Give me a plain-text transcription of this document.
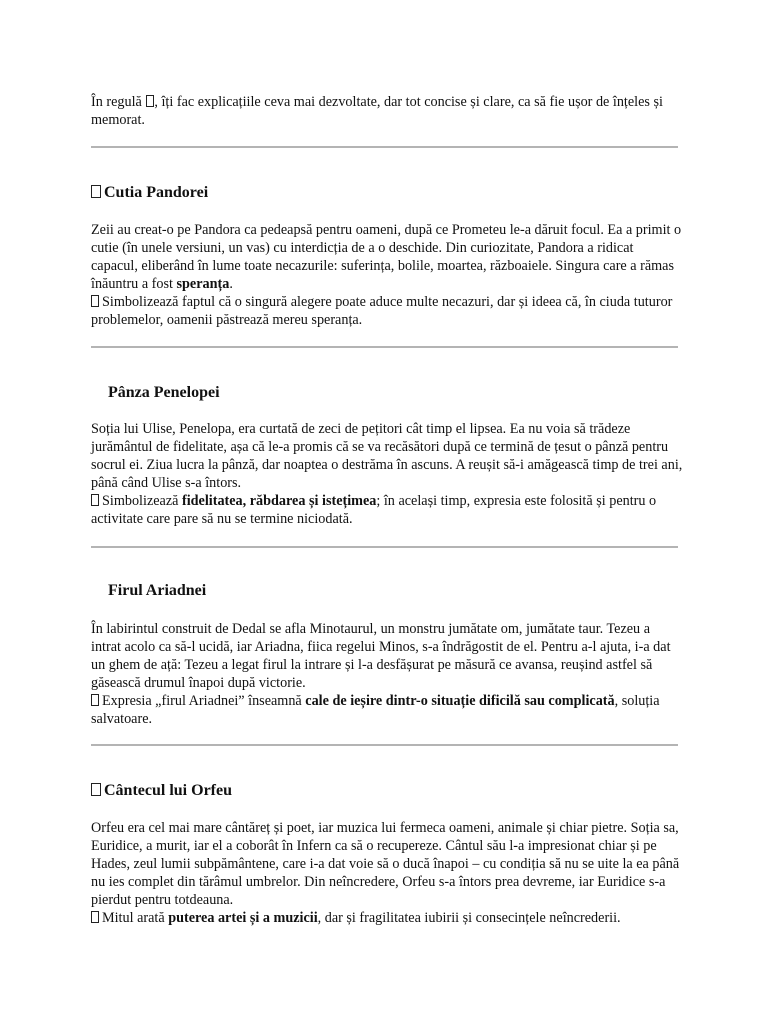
În regulă , îți fac explicațiile ceva mai dezvoltate, dar tot concise și clare, ca să fie ușor de înțeles și memorat.

Cutia Pandorei

Zeii au creat-o pe Pandora ca pedeapsă pentru oameni, după ce Prometeu le-a dăruit focul. Ea a primit o cutie (în unele versiuni, un vas) cu interdicția de a o deschide. Din curiozitate, Pandora a ridicat capacul, eliberând în lume toate necazurile: suferința, bolile, moartea, războaiele. Singura care a rămas înăuntru a fost speranța.

Simbolizează faptul că o singură alegere poate aduce multe necazuri, dar și ideea că, în ciuda tuturor problemelor, oamenii păstrează mereu speranța.

Pânza Penelopei

Soția lui Ulise, Penelopa, era curtată de zeci de pețitori cât timp el lipsea. Ea nu voia să trădeze jurământul de fidelitate, așa că le-a promis că se va recăsători după ce termină de țesut o pânză pentru socrul ei. Ziua lucra la pânză, dar noaptea o destrăma în ascuns. A reușit să-i amăgească timp de trei ani, până când Ulise s-a întors.

Simbolizează fidelitatea, răbdarea și istețimea; în același timp, expresia este folosită și pentru o activitate care pare să nu se termine niciodată.

Firul Ariadnei

În labirintul construit de Dedal se afla Minotaurul, un monstru jumătate om, jumătate taur. Tezeu a intrat acolo ca să-l ucidă, iar Ariadna, fiica regelui Minos, s-a îndrăgostit de el. Pentru a-l ajuta, i-a dat un ghem de ață: Tezeu a legat firul la intrare și l-a desfășurat pe măsură ce avansa, reușind astfel să găsească drumul înapoi după victorie.

Expresia „firul Ariadnei” înseamnă cale de ieșire dintr-o situație dificilă sau complicată, soluția salvatoare.

Cântecul lui Orfeu

Orfeu era cel mai mare cântăreț și poet, iar muzica lui fermeca oameni, animale și chiar pietre. Soția sa, Euridice, a murit, iar el a coborât în Infern ca să o recupereze. Cântul său l-a impresionat chiar și pe Hades, zeul lumii subpământene, care i-a dat voie să o ducă înapoi – cu condiția să nu se uite la ea până nu ies complet din tărâmul umbrelor. Din neîncredere, Orfeu s-a întors prea devreme, iar Euridice s-a pierdut pentru totdeauna.

Mitul arată puterea artei și a muzicii, dar și fragilitatea iubirii și consecințele neîncrederii.
